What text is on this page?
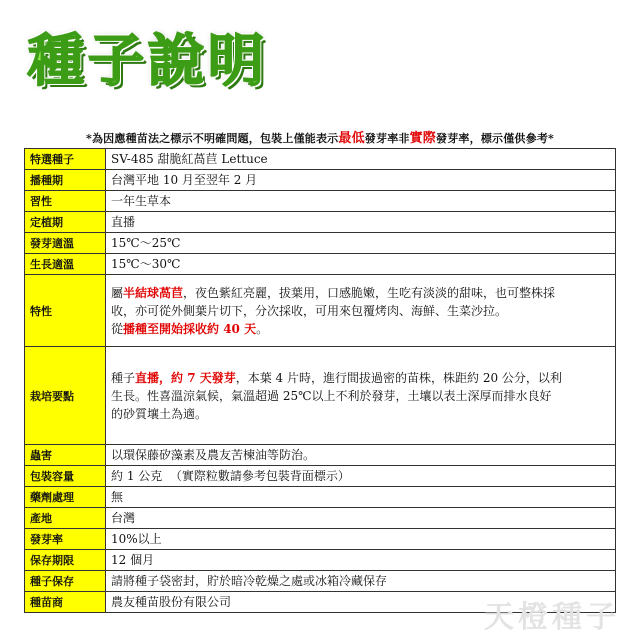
種子說明
*為因應種苗法之標示不明確問題，包裝上僅能表示最低發芽率非實際發芽率，標示僅供參考*
特選種子	SV-485 甜脆紅萵苣 Lettuce
播種期	台灣平地 10 月至翌年 2 月
習性	一年生草本
定植期	直播
發芽適溫	15℃～25℃
生長適溫	15℃～30℃
特性	屬半結球萵苣，夜色紫紅亮麗，拔葉用，口感脆嫩，生吃有淡淡的甜味，也可整株採
收，亦可從外側葉片切下，分次採收，可用來包覆烤肉、海鮮、生菜沙拉。
從播種至開始採收約 40 天。

栽培要點	種子直播，約 7 天發芽，本葉 4 片時，進行間拔過密的苗株，株距約 20 公分，以利
生長。性喜溫涼氣候，氣溫超過 25℃以上不利於發芽，土壤以表土深厚而排水良好
的砂質壤土為適。

蟲害	以環保藤矽藻素及農友苦楝油等防治。
包裝容量	約 1 公克  （實際粒數請參考包裝背面標示）
藥劑處理	無
產地	台灣
發芽率	10%以上
保存期限	12 個月
種子保存	請將種子袋密封，貯於暗冷乾燥之處或冰箱冷藏保存
種苗商	農友種苗股份有限公司	天橙種子
